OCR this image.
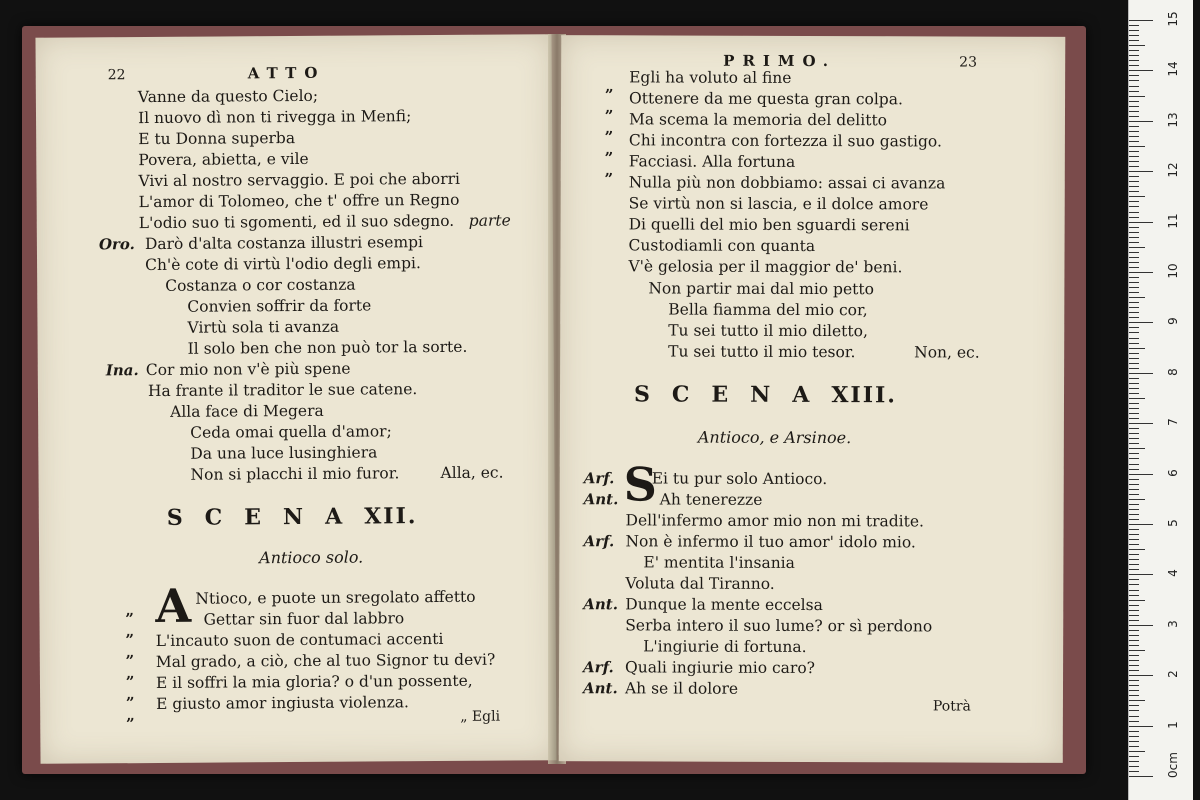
22	ATTO
Vanne da questo Cielo;
Il nuovo dì non ti rivegga in Menfi;
E tu Donna superba
Povera, abietta, e vile
Vivi al nostro servaggio. E poi che aborri
L'amor di Tolomeo, che t' offre un Regno
L'odio suo ti sgomenti, ed il suo sdegno. parte
Oro. Darò d'alta costanza illustri esempi
Ch'è cote di virtù l'odio degli empi.
Costanza o cor costanza
Convien soffrir da forte
Virtù sola ti avanza
Il solo ben che non può tor la sorte.
Ina. Cor mio non v'è più spene
Ha frante il traditor le sue catene.
Alla face di Megera
Ceda omai quella d'amor;
Da una luce lusinghiera
Non si placchi il mio furor.	Alla, ec.
SCENAXII.
Antioco solo.
„
„
„
„
„
„
A Ntioco, e puote un sregolato affetto
Gettar sin fuor dal labbro
L'incauto suon de contumaci accenti
Mal grado, a ciò, che al tuo Signor tu devi?
E il soffri la mia gloria? o d'un possente,
E giusto amor ingiusta violenza.
„ Egli
PRIMO.	23
„
„
„
„
„
Egli ha voluto al fine
Ottenere da me questa gran colpa.
Ma scema la memoria del delitto
Chi incontra con fortezza il suo gastigo.
Facciasi. Alla fortuna
Nulla più non dobbiamo: assai ci avanza
Se virtù non si lascia, e il dolce amore
Di quelli del mio ben sguardi sereni
Custodiamli con quanta
V'è gelosia per il maggior de' beni.
Non partir mai dal mio petto
Bella fiamma del mio cor,
Tu sei tutto il mio diletto,
Tu sei tutto il mio tesor.	Non, ec.
SCENAXIII.
Antioco, e Arsinoe.
S
Arf. Ei tu pur solo Antioco.
Ant.	Ah tenerezze
Dell'infermo amor mio non mi tradite.
Arf. Non è infermo il tuo amor' idolo mio.
E' mentita l'insania
Voluta dal Tiranno.
Ant. Dunque la mente eccelsa
Serba intero il suo lume? or sì perdono
L'ingiurie di fortuna.
Arf. Quali ingiurie mio caro?
Ant. Ah se il dolore
Potrà
0cm
1
2
3
4
5
6
7
8
9
10
11
12
13
14
15
